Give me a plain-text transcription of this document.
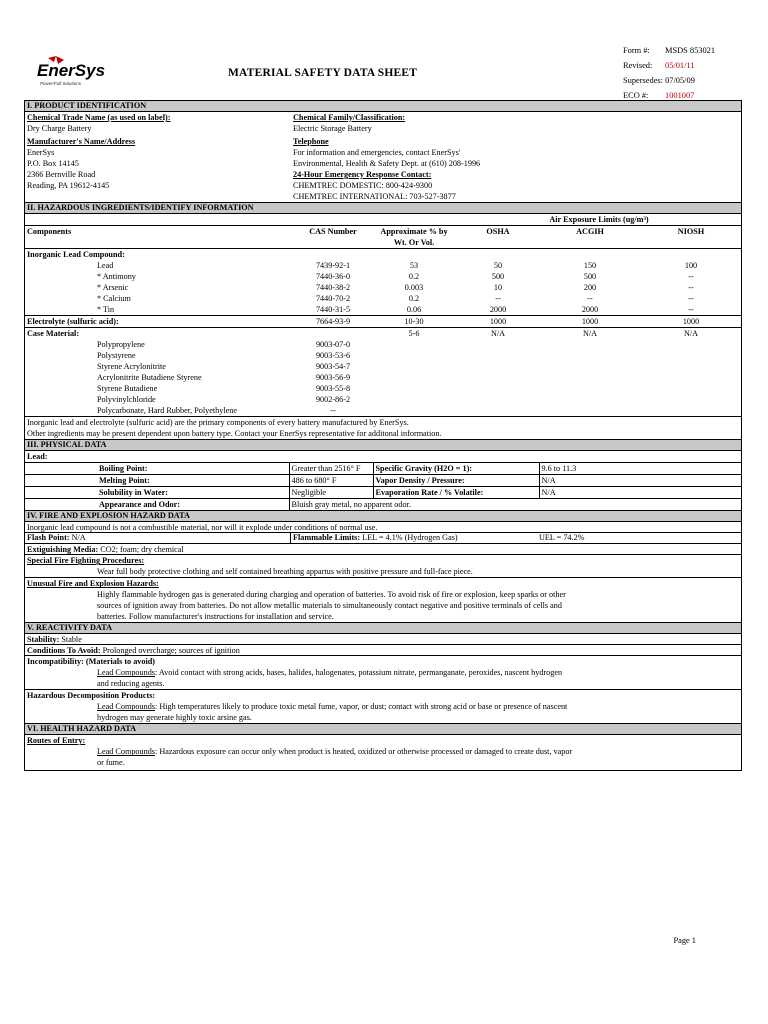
EnerSys
Power/Full Solutions
MATERIAL SAFETY DATA SHEET
Form #:	MSDS 853021
Revised:	05/01/11
Supersedes: 07/05/09
ECO #:	1001007
I. PRODUCT IDENTIFICATION
Chemical Trade Name (as used on label):
Dry Charge Battery
Manufacturer's Name/Address
EnerSys
P.O. Box 14145
2366 Bernville Road
Reading, PA 19612-4145
Chemical Family/Classification:
Electric Storage Battery
Telephone
For information and emergencies, contact EnerSys'
Environmental, Health & Safety Dept. at (610) 208-1996
24-Hour Emergency Response Contact:
CHEMTREC DOMESTIC: 800-424-9300
CHEMTREC INTERNATIONAL: 703-527-3877
II. HAZARDOUS INGREDIENTS/IDENTIFY INFORMATION
			Air Exposure Limits (ug/m³)		
Components	CAS Number	Approximate % by	OSHA	ACGIH	NIOSH
		Wt. Or Vol.			
Inorganic Lead Compound:					
Lead	7439-92-1	53	50	150	100
* Antimony	7440-36-0	0.2	500	500	--
* Arsenic	7440-38-2	0.003	10	200	--
* Calcium	7440-70-2	0.2	--	--	--
* Tin	7440-31-5	0.06	2000	2000	--
Electrolyte (sulfuric acid):	7664-93-9	10-30	1000	1000	1000
Case Material:		5-6	N/A	N/A	N/A
Polypropylene	9003-07-0				
Polystyrene	9003-53-6				
Styrene Acrylonitrite	9003-54-7				
Acrylonitrite Butadiene Styrene	9003-56-9				
Styrene Butadiene	9003-55-8				
Polyvinylchloride	9002-86-2				
Polycarbonate, Hard Rubber, Polyethylene	--				
Inorganic lead and electrolyte (sulfuric acid) are the primary components of every battery manufactured by EnerSys.
Other ingredients may be present dependent upon battery type. Contact your EnerSys representative for additonal information.
III. PHYSICAL DATA
Lead:				
	Boiling Point:	Greater than 2516° F	Specific Gravity (H2O = 1):	9.6 to 11.3
	Melting Point:	486 to 680° F	Vapor Density / Pressure:	N/A
	Solubility in Water:	Negligible	Evaporation Rate / % Volatile:	N/A
	Appearance and Odor:	Bluish gray metal, no apparent odor.		
IV. FIRE AND EXPLOSION HAZARD DATA
Inorganic lead compound is not a combustible material, nor will it explode under conditions of normal use.
Flash Point: N/A	Flammable Limits: LEL = 4.1% (Hydrogen Gas)	UEL = 74.2%
Extiguishing Media: CO2; foam; dry chemical
Special Fire Fighting Procedures:
Wear full body protective clothing and self contained breathing appartus with positive pressure and full-face piece.
Unusual Fire and Explosion Hazards:
Highly flammable hydrogen gas is generated during charging and operation of batteries. To avoid risk of fire or explosion, keep sparks or other
sources of ignition away from batteries. Do not allow metallic materials to simultaneously contact negative and positive terminals of cells and
batteries. Follow manufacturer's instructions for installation and service.
V. REACTIVITY DATA
Stability: Stable
Conditions To Avoid: Prolonged overcharge; sources of ignition
Incompatibility: (Materials to avoid)
Lead Compounds: Avoid contact with strong acids, bases, halides, halogenates, potassium nitrate, permanganate, peroxides, nascent hydrogen
and reducing agents.
Hazardous Decomposition Products:
Lead Compounds: High temperatures likely to produce toxic metal fume, vapor, or dust; contact with strong acid or base or presence of nascent
hydrogen may generate highly toxic arsine gas.
VI. HEALTH HAZARD DATA
Routes of Entry:
Lead Compounds: Hazardous exposure can occur only when product is heated, oxidized or otherwise processed or damaged to create dust, vapor
or fume.
Page 1
